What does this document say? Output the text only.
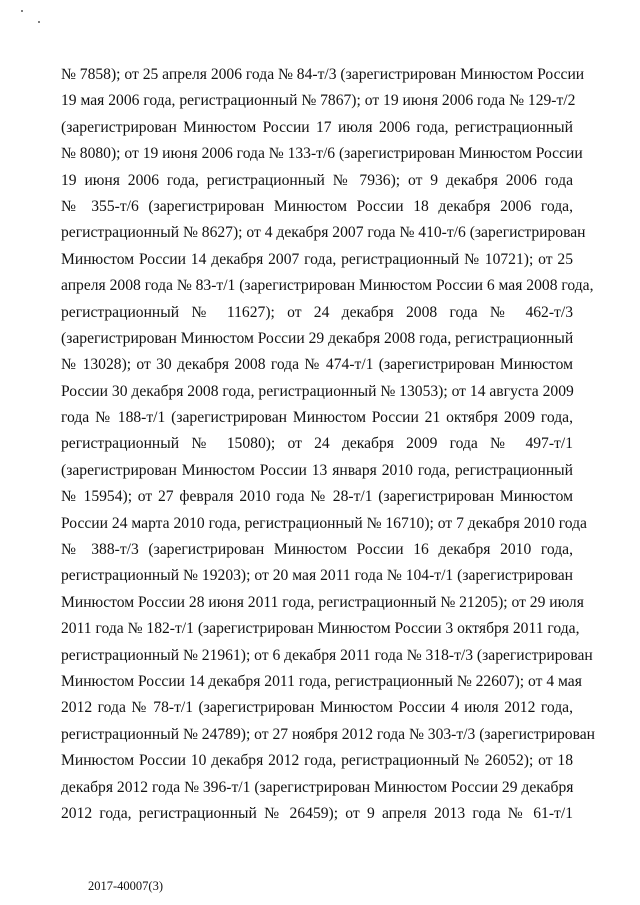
№ 7858); от 25 апреля 2006 года № 84-т/3 (зарегистрирован Минюстом России
19 мая 2006 года, регистрационный № 7867); от 19 июня 2006 года № 129-т/2
(зарегистрирован Минюстом России 17 июля 2006 года, регистрационный
№ 8080); от 19 июня 2006 года № 133-т/6 (зарегистрирован Минюстом России
19 июня 2006 года, регистрационный № 7936); от 9 декабря 2006 года
№ 355-т/6 (зарегистрирован Минюстом России 18 декабря 2006 года,
регистрационный № 8627); от 4 декабря 2007 года № 410-т/6 (зарегистрирован
Минюстом России 14 декабря 2007 года, регистрационный № 10721); от 25
апреля 2008 года № 83-т/1 (зарегистрирован Минюстом России 6 мая 2008 года,
регистрационный № 11627); от 24 декабря 2008 года № 462-т/3
(зарегистрирован Минюстом России 29 декабря 2008 года, регистрационный
№ 13028); от 30 декабря 2008 года № 474-т/1 (зарегистрирован Минюстом
России 30 декабря 2008 года, регистрационный № 13053); от 14 августа 2009
года № 188-т/1 (зарегистрирован Минюстом России 21 октября 2009 года,
регистрационный № 15080); от 24 декабря 2009 года № 497-т/1
(зарегистрирован Минюстом России 13 января 2010 года, регистрационный
№ 15954); от 27 февраля 2010 года № 28-т/1 (зарегистрирован Минюстом
России 24 марта 2010 года, регистрационный № 16710); от 7 декабря 2010 года
№ 388-т/3 (зарегистрирован Минюстом России 16 декабря 2010 года,
регистрационный № 19203); от 20 мая 2011 года № 104-т/1 (зарегистрирован
Минюстом России 28 июня 2011 года, регистрационный № 21205); от 29 июля
2011 года № 182-т/1 (зарегистрирован Минюстом России 3 октября 2011 года,
регистрационный № 21961); от 6 декабря 2011 года № 318-т/3 (зарегистрирован
Минюстом России 14 декабря 2011 года, регистрационный № 22607); от 4 мая
2012 года № 78-т/1 (зарегистрирован Минюстом России 4 июля 2012 года,
регистрационный № 24789); от 27 ноября 2012 года № 303-т/3 (зарегистрирован
Минюстом России 10 декабря 2012 года, регистрационный № 26052); от 18
декабря 2012 года № 396-т/1 (зарегистрирован Минюстом России 29 декабря
2012 года, регистрационный № 26459); от 9 апреля 2013 года № 61-т/1
2017-40007(3)
